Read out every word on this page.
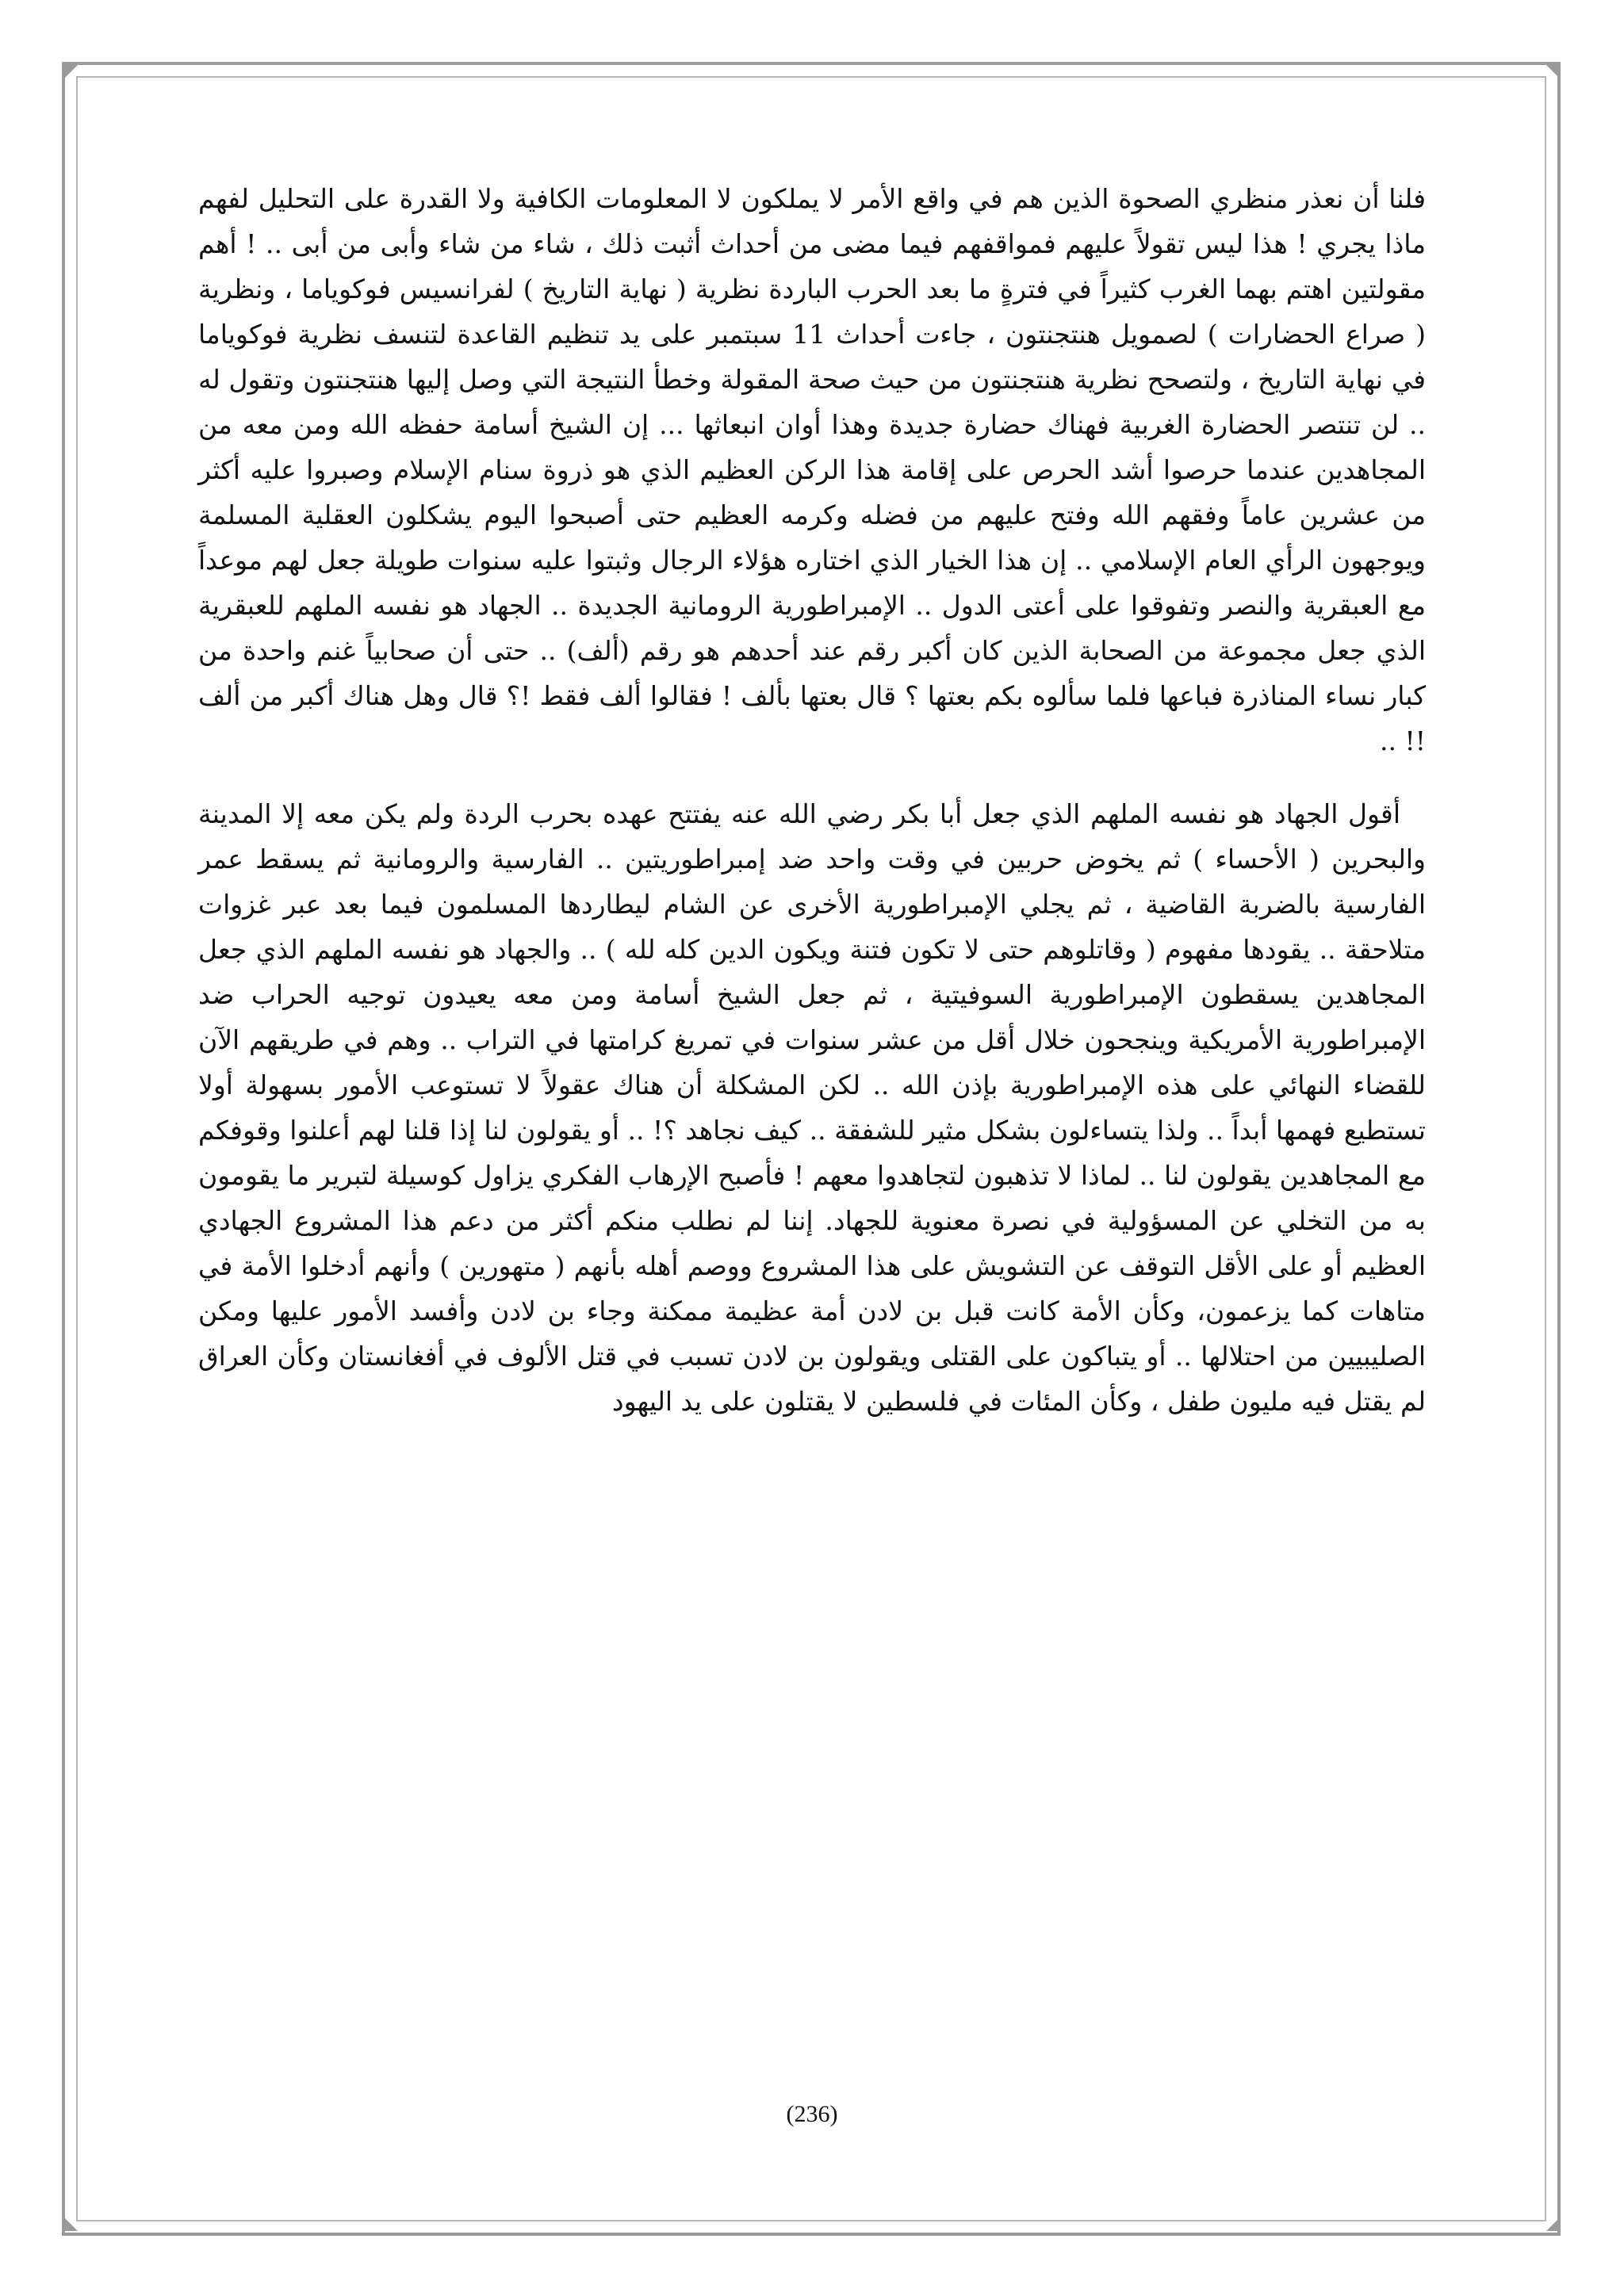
فلنا أن نعذر منظري الصحوة الذين هم في واقع الأمر لا يملكون لا المعلومات الكافية ولا القدرة على التحليل لفهم ماذا يجري ! هذا ليس تقولاً عليهم فمواقفهم فيما مضى من أحداث أثبت ذلك ، شاء من شاء وأبى من أبى .. ! أهم مقولتين اهتم بهما الغرب كثيراً في فترةٍ ما بعد الحرب الباردة نظرية ( نهاية التاريخ ) لفرانسيس فوكوياما ، ونظرية ( صراع الحضارات ) لصمويل هنتجنتون ، جاءت أحداث 11 سبتمبر على يد تنظيم القاعدة لتنسف نظرية فوكوياما في نهاية التاريخ ، ولتصحح نظرية هنتجنتون من حيث صحة المقولة وخطأ النتيجة التي وصل إليها هنتجنتون وتقول له .. لن تنتصر الحضارة الغربية فهناك حضارة جديدة وهذا أوان انبعاثها ... إن الشيخ أسامة حفظه الله ومن معه من المجاهدين عندما حرصوا أشد الحرص على إقامة هذا الركن العظيم الذي هو ذروة سنام الإسلام وصبروا عليه أكثر من عشرين عاماً وفقهم الله وفتح عليهم من فضله وكرمه العظيم حتى أصبحوا اليوم يشكلون العقلية المسلمة ويوجهون الرأي العام الإسلامي .. إن هذا الخيار الذي اختاره هؤلاء الرجال وثبتوا عليه سنوات طويلة جعل لهم موعداً مع العبقرية والنصر وتفوقوا على أعتى الدول .. الإمبراطورية الرومانية الجديدة .. الجهاد هو نفسه الملهم للعبقرية الذي جعل مجموعة من الصحابة الذين كان أكبر رقم عند أحدهم هو رقم (ألف) .. حتى أن صحابياً غنم واحدة من كبار نساء المناذرة فباعها فلما سألوه بكم بعتها ؟ قال بعتها بألف ! فقالوا ألف فقط !؟ قال وهل هناك أكبر من ألف !! ..

أقول الجهاد هو نفسه الملهم الذي جعل أبا بكر رضي الله عنه يفتتح عهده بحرب الردة ولم يكن معه إلا المدينة والبحرين ( الأحساء ) ثم يخوض حربين في وقت واحد ضد إمبراطوريتين .. الفارسية والرومانية ثم يسقط عمر الفارسية بالضربة القاضية ، ثم يجلي الإمبراطورية الأخرى عن الشام ليطاردها المسلمون فيما بعد عبر غزوات متلاحقة .. يقودها مفهوم ( وقاتلوهم حتى لا تكون فتنة ويكون الدين كله لله ) .. والجهاد هو نفسه الملهم الذي جعل المجاهدين يسقطون الإمبراطورية السوفيتية ، ثم جعل الشيخ أسامة ومن معه يعيدون توجيه الحراب ضد الإمبراطورية الأمريكية وينجحون خلال أقل من عشر سنوات في تمريغ كرامتها في التراب .. وهم في طريقهم الآن للقضاء النهائي على هذه الإمبراطورية بإذن الله .. لكن المشكلة أن هناك عقولاً لا تستوعب الأمور بسهولة أولا تستطيع فهمها أبداً .. ولذا يتساءلون بشكل مثير للشفقة .. كيف نجاهد ؟! .. أو يقولون لنا إذا قلنا لهم أعلنوا وقوفكم مع المجاهدين يقولون لنا .. لماذا لا تذهبون لتجاهدوا معهم ! فأصبح الإرهاب الفكري يزاول كوسيلة لتبرير ما يقومون به من التخلي عن المسؤولية في نصرة معنوية للجهاد. إننا لم نطلب منكم أكثر من دعم هذا المشروع الجهادي العظيم أو على الأقل التوقف عن التشويش على هذا المشروع ووصم أهله بأنهم ( متهورين ) وأنهم أدخلوا الأمة في متاهات كما يزعمون، وكأن الأمة كانت قبل بن لادن أمة عظيمة ممكنة وجاء بن لادن وأفسد الأمور عليها ومكن الصليبيين من احتلالها .. أو يتباكون على القتلى ويقولون بن لادن تسبب في قتل الألوف في أفغانستان وكأن العراق لم يقتل فيه مليون طفل ، وكأن المئات في فلسطين لا يقتلون على يد اليهود

(236)
